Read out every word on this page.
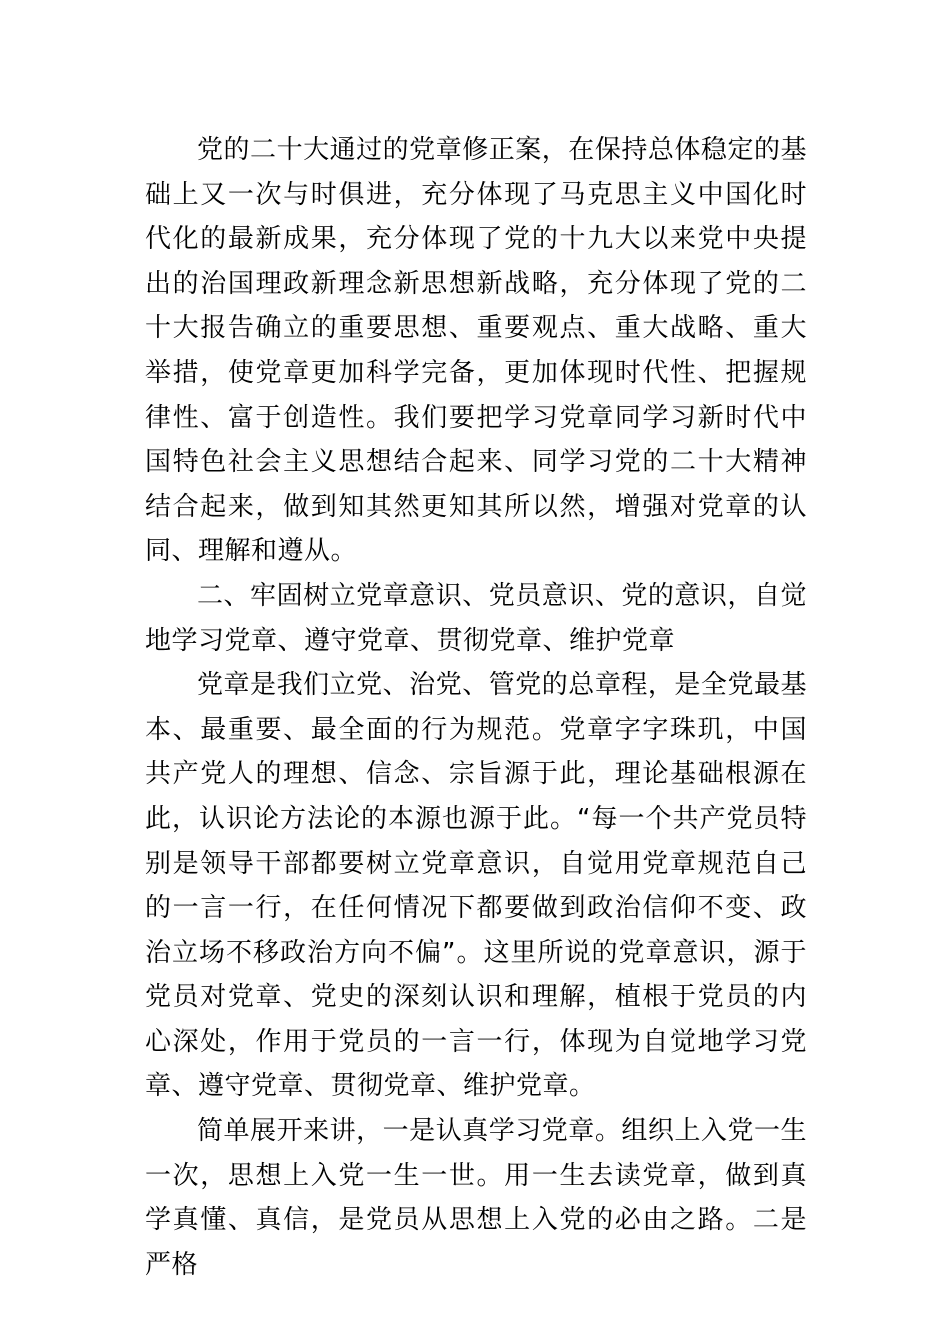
党的二十大通过的党章修正案，在保持总体稳定的基础上又一次与时俱进，充分体现了马克思主义中国化时代化的最新成果，充分体现了党的十九大以来党中央提出的治国理政新理念新思想新战略，充分体现了党的二十大报告确立的重要思想、重要观点、重大战略、重大举措，使党章更加科学完备，更加体现时代性、把握规律性、富于创造性。我们要把学习党章同学习新时代中国特色社会主义思想结合起来、同学习党的二十大精神结合起来，做到知其然更知其所以然，增强对党章的认同、理解和遵从。

二、牢固树立党章意识、党员意识、党的意识，自觉地学习党章、遵守党章、贯彻党章、维护党章

党章是我们立党、治党、管党的总章程，是全党最基本、最重要、最全面的行为规范。党章字字珠玑，中国共产党人的理想、信念、宗旨源于此，理论基础根源在此，认识论方法论的本源也源于此。“每一个共产党员特别是领导干部都要树立党章意识，自觉用党章规范自己的一言一行，在任何情况下都要做到政治信仰不变、政治立场不移政治方向不偏”。这里所说的党章意识，源于党员对党章、党史的深刻认识和理解，植根于党员的内心深处，作用于党员的一言一行，体现为自觉地学习党章、遵守党章、贯彻党章、维护党章。

简单展开来讲，一是认真学习党章。组织上入党一生一次，思想上入党一生一世。用一生去读党章，做到真学真懂、真信，是党员从思想上入党的必由之路。二是严格
